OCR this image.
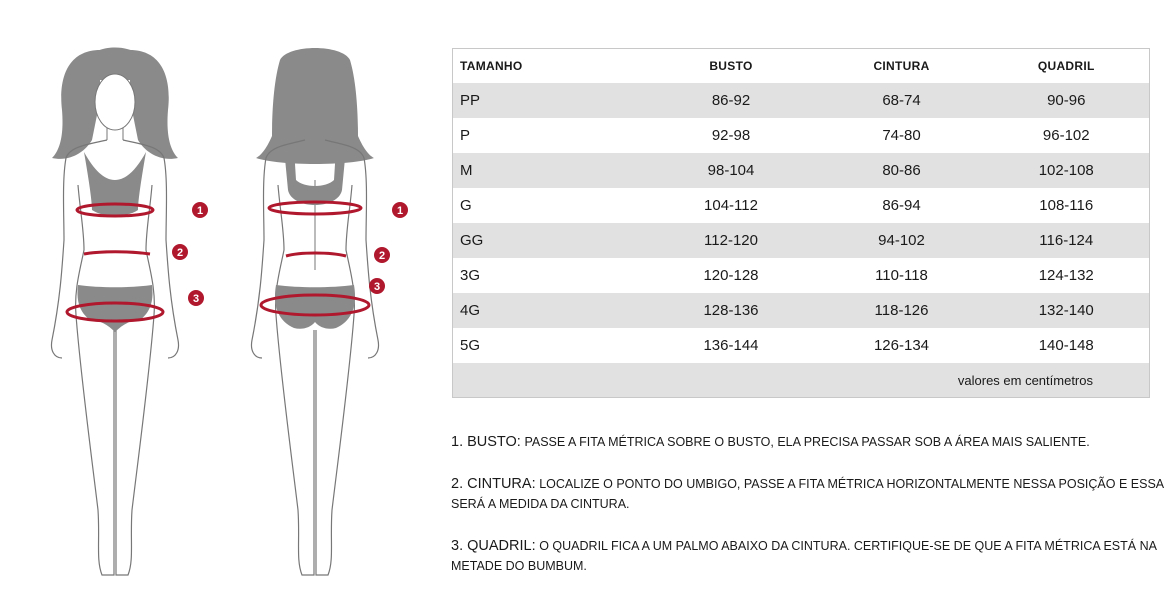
1
2
3
1
2
3
TAMANHO	BUSTO	CINTURA	QUADRIL
PP	86-92	68-74	90-96
P	92-98	74-80	96-102
M	98-104	80-86	102-108
G	104-112	86-94	108-116
GG	112-120	94-102	116-124
3G	120-128	110-118	124-132
4G	128-136	118-126	132-140
5G	136-144	126-134	140-148
valores em centímetros			

1. BUSTO: PASSE A FITA MÉTRICA SOBRE O BUSTO, ELA PRECISA PASSAR SOB A ÁREA MAIS SALIENTE.

2. CINTURA: LOCALIZE O PONTO DO UMBIGO, PASSE A FITA MÉTRICA HORIZONTALMENTE NESSA POSIÇÃO E ESSA SERÁ A MEDIDA DA CINTURA.

3. QUADRIL: O QUADRIL FICA A UM PALMO ABAIXO DA CINTURA. CERTIFIQUE-SE DE QUE A FITA MÉTRICA ESTÁ NA METADE DO BUMBUM.
